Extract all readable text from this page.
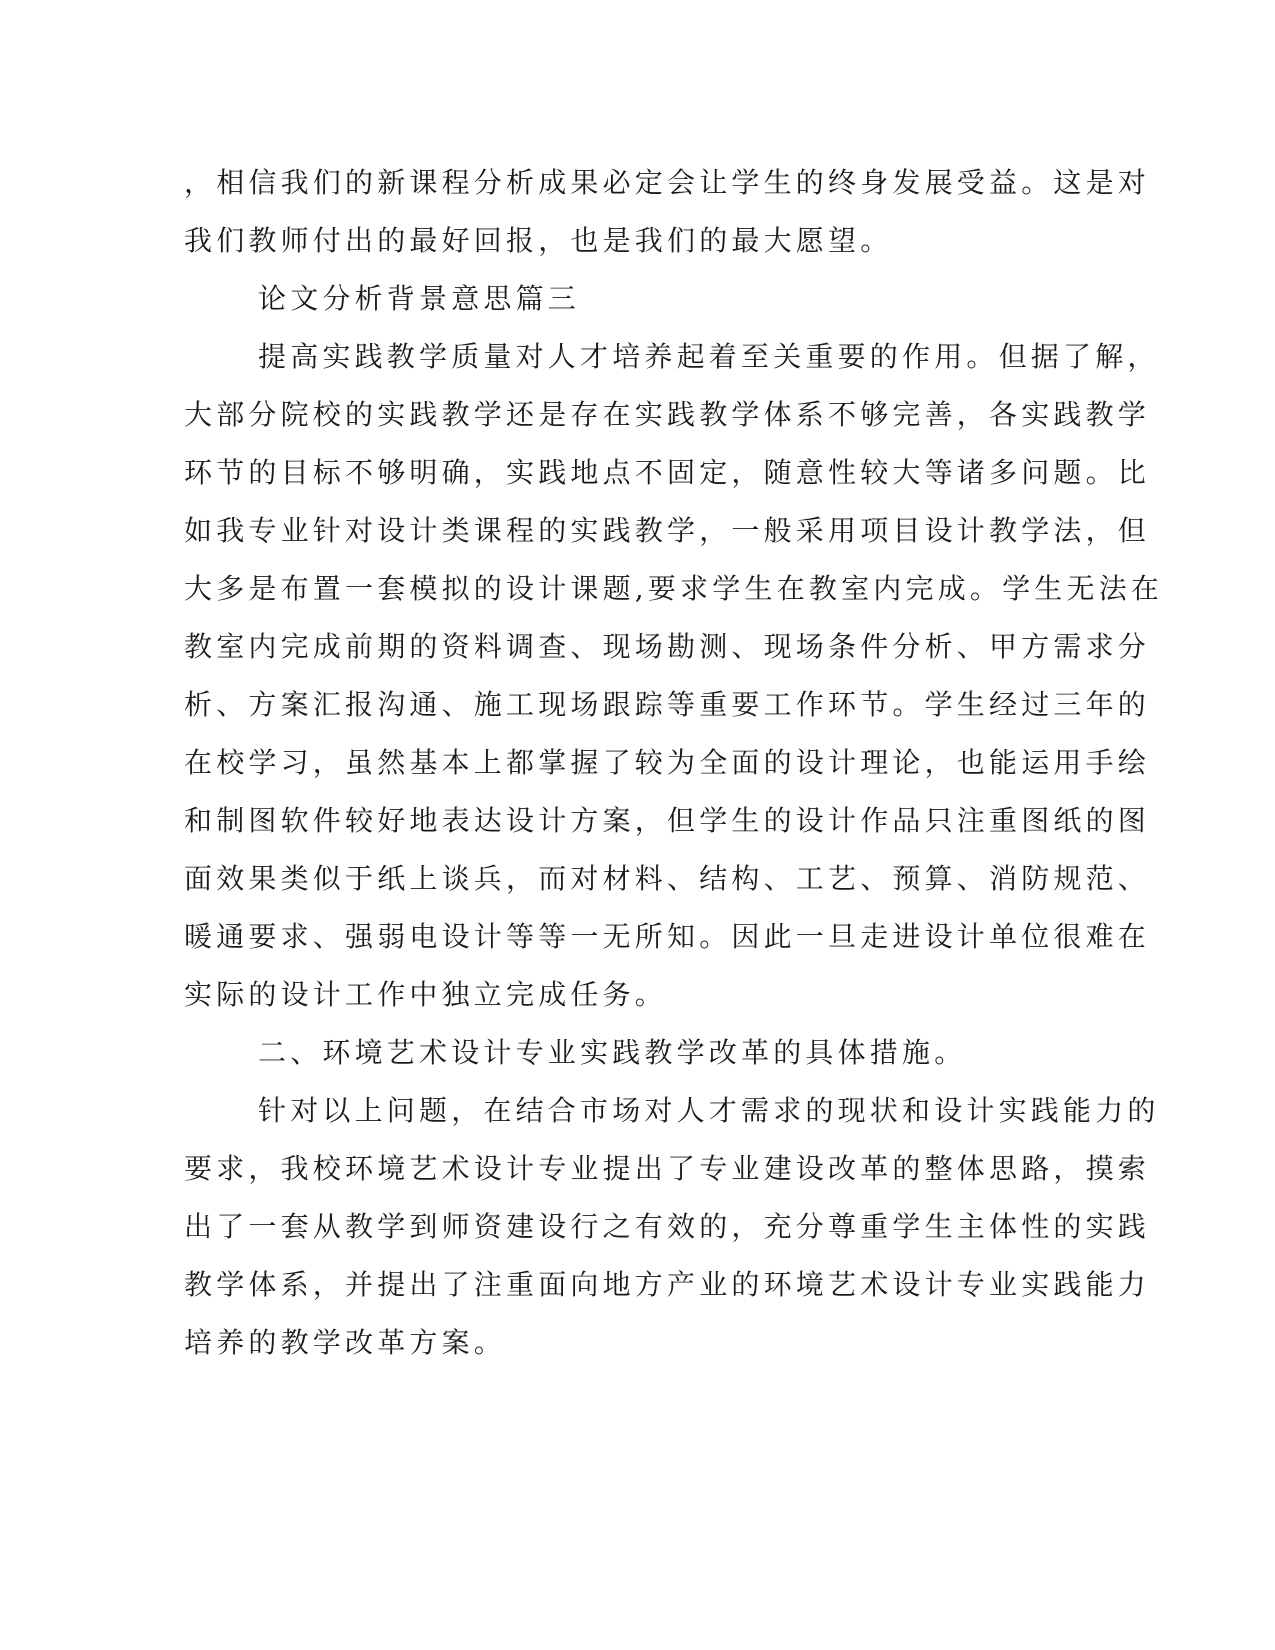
，相信我们的新课程分析成果必定会让学生的终身发展受益。这是对
我们教师付出的最好回报，也是我们的最大愿望。
论文分析背景意思篇三
提高实践教学质量对人才培养起着至关重要的作用。但据了解，
大部分院校的实践教学还是存在实践教学体系不够完善，各实践教学
环节的目标不够明确，实践地点不固定，随意性较大等诸多问题。比
如我专业针对设计类课程的实践教学，一般采用项目设计教学法，但
大多是布置一套模拟的设计课题,要求学生在教室内完成。学生无法在
教室内完成前期的资料调查、现场勘测、现场条件分析、甲方需求分
析、方案汇报沟通、施工现场跟踪等重要工作环节。学生经过三年的
在校学习，虽然基本上都掌握了较为全面的设计理论，也能运用手绘
和制图软件较好地表达设计方案，但学生的设计作品只注重图纸的图
面效果类似于纸上谈兵，而对材料、结构、工艺、预算、消防规范、
暖通要求、强弱电设计等等一无所知。因此一旦走进设计单位很难在
实际的设计工作中独立完成任务。
二、环境艺术设计专业实践教学改革的具体措施。
针对以上问题，在结合市场对人才需求的现状和设计实践能力的
要求，我校环境艺术设计专业提出了专业建设改革的整体思路，摸索
出了一套从教学到师资建设行之有效的，充分尊重学生主体性的实践
教学体系，并提出了注重面向地方产业的环境艺术设计专业实践能力
培养的教学改革方案。
